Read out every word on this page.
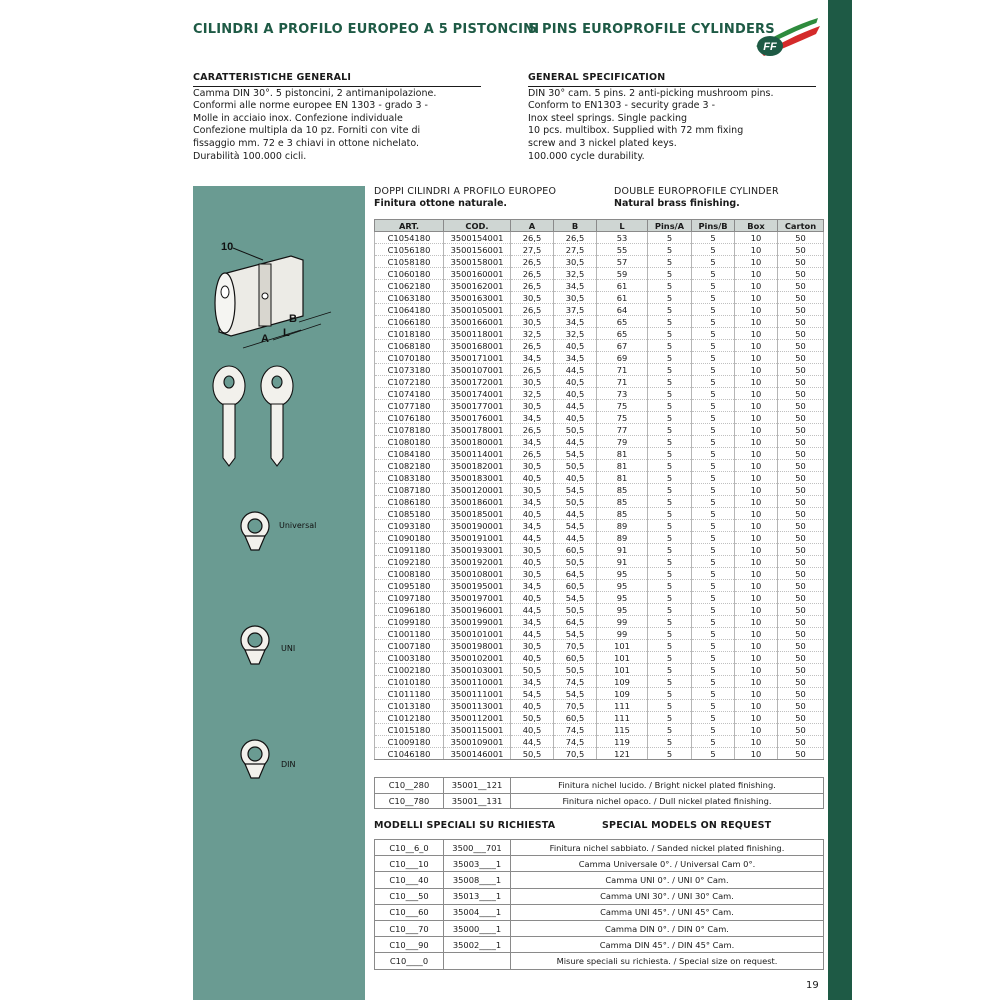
CILINDRI A PROFILO EUROPEO A 5 PISTONCINI
5 PINS EUROPROFILE CYLINDERS
FF
CARATTERISTICHE GENERALI
Camma DIN 30°. 5 pistoncini, 2 antimanipolazione.
Conformi alle norme europee EN 1303 - grado 3 -
Molle in acciaio inox. Confezione individuale
Confezione multipla da 10 pz. Forniti con vite di
fissaggio mm. 72 e 3 chiavi in ottone nichelato.
Durabilità 100.000 cicli.
GENERAL SPECIFICATION
DIN 30° cam. 5 pins. 2 anti-picking mushroom pins.
Conform to EN1303 - security grade 3 -
Inox steel springs. Single packing
10 pcs. multibox. Supplied with 72 mm fixing
screw and 3 nickel plated keys.
100.000 cycle durability.
10
A L
B
Universal
UNI
DIN
DOPPI CILINDRI A PROFILO EUROPEO
Finitura ottone naturale.
DOUBLE EUROPROFILE CYLINDER
Natural brass finishing.
ART.	COD.	A	B	L	Pins/A	Pins/B	Box	Carton
C1054180	3500154001	26,5	26,5	53	5	5	10	50
C1056180	3500156001	27,5	27,5	55	5	5	10	50
C1058180	3500158001	26,5	30,5	57	5	5	10	50
C1060180	3500160001	26,5	32,5	59	5	5	10	50
C1062180	3500162001	26,5	34,5	61	5	5	10	50
C1063180	3500163001	30,5	30,5	61	5	5	10	50
C1064180	3500105001	26,5	37,5	64	5	5	10	50
C1066180	3500166001	30,5	34,5	65	5	5	10	50
C1018180	3500118001	32,5	32,5	65	5	5	10	50
C1068180	3500168001	26,5	40,5	67	5	5	10	50
C1070180	3500171001	34,5	34,5	69	5	5	10	50
C1073180	3500107001	26,5	44,5	71	5	5	10	50
C1072180	3500172001	30,5	40,5	71	5	5	10	50
C1074180	3500174001	32,5	40,5	73	5	5	10	50
C1077180	3500177001	30,5	44,5	75	5	5	10	50
C1076180	3500176001	34,5	40,5	75	5	5	10	50
C1078180	3500178001	26,5	50,5	77	5	5	10	50
C1080180	3500180001	34,5	44,5	79	5	5	10	50
C1084180	3500114001	26,5	54,5	81	5	5	10	50
C1082180	3500182001	30,5	50,5	81	5	5	10	50
C1083180	3500183001	40,5	40,5	81	5	5	10	50
C1087180	3500120001	30,5	54,5	85	5	5	10	50
C1086180	3500186001	34,5	50,5	85	5	5	10	50
C1085180	3500185001	40,5	44,5	85	5	5	10	50
C1093180	3500190001	34,5	54,5	89	5	5	10	50
C1090180	3500191001	44,5	44,5	89	5	5	10	50
C1091180	3500193001	30,5	60,5	91	5	5	10	50
C1092180	3500192001	40,5	50,5	91	5	5	10	50
C1008180	3500108001	30,5	64,5	95	5	5	10	50
C1095180	3500195001	34,5	60,5	95	5	5	10	50
C1097180	3500197001	40,5	54,5	95	5	5	10	50
C1096180	3500196001	44,5	50,5	95	5	5	10	50
C1099180	3500199001	34,5	64,5	99	5	5	10	50
C1001180	3500101001	44,5	54,5	99	5	5	10	50
C1007180	3500198001	30,5	70,5	101	5	5	10	50
C1003180	3500102001	40,5	60,5	101	5	5	10	50
C1002180	3500103001	50,5	50,5	101	5	5	10	50
C1010180	3500110001	34,5	74,5	109	5	5	10	50
C1011180	3500111001	54,5	54,5	109	5	5	10	50
C1013180	3500113001	40,5	70,5	111	5	5	10	50
C1012180	3500112001	50,5	60,5	111	5	5	10	50
C1015180	3500115001	40,5	74,5	115	5	5	10	50
C1009180	3500109001	44,5	74,5	119	5	5	10	50
C1046180	3500146001	50,5	70,5	121	5	5	10	50
C10__280	35001__121	Finitura nichel lucido. / Bright nickel plated finishing.
C10__780	35001__131	Finitura nichel opaco. / Dull nickel plated finishing.
MODELLI SPECIALI SU RICHIESTA	SPECIAL MODELS ON REQUEST
C10__6_0	3500___701	Finitura nichel sabbiato. / Sanded nickel plated finishing.
C10___10	35003____1	Camma Universale 0°. / Universal Cam 0°.
C10___40	35008____1	Camma UNI 0°. / UNI 0° Cam.
C10___50	35013____1	Camma UNI 30°. / UNI 30° Cam.
C10___60	35004____1	Camma UNI 45°. / UNI 45° Cam.
C10___70	35000____1	Camma DIN 0°. / DIN 0° Cam.
C10___90	35002____1	Camma DIN 45°. / DIN 45° Cam.
C10____0		Misure speciali su richiesta. / Special size on request.
19
